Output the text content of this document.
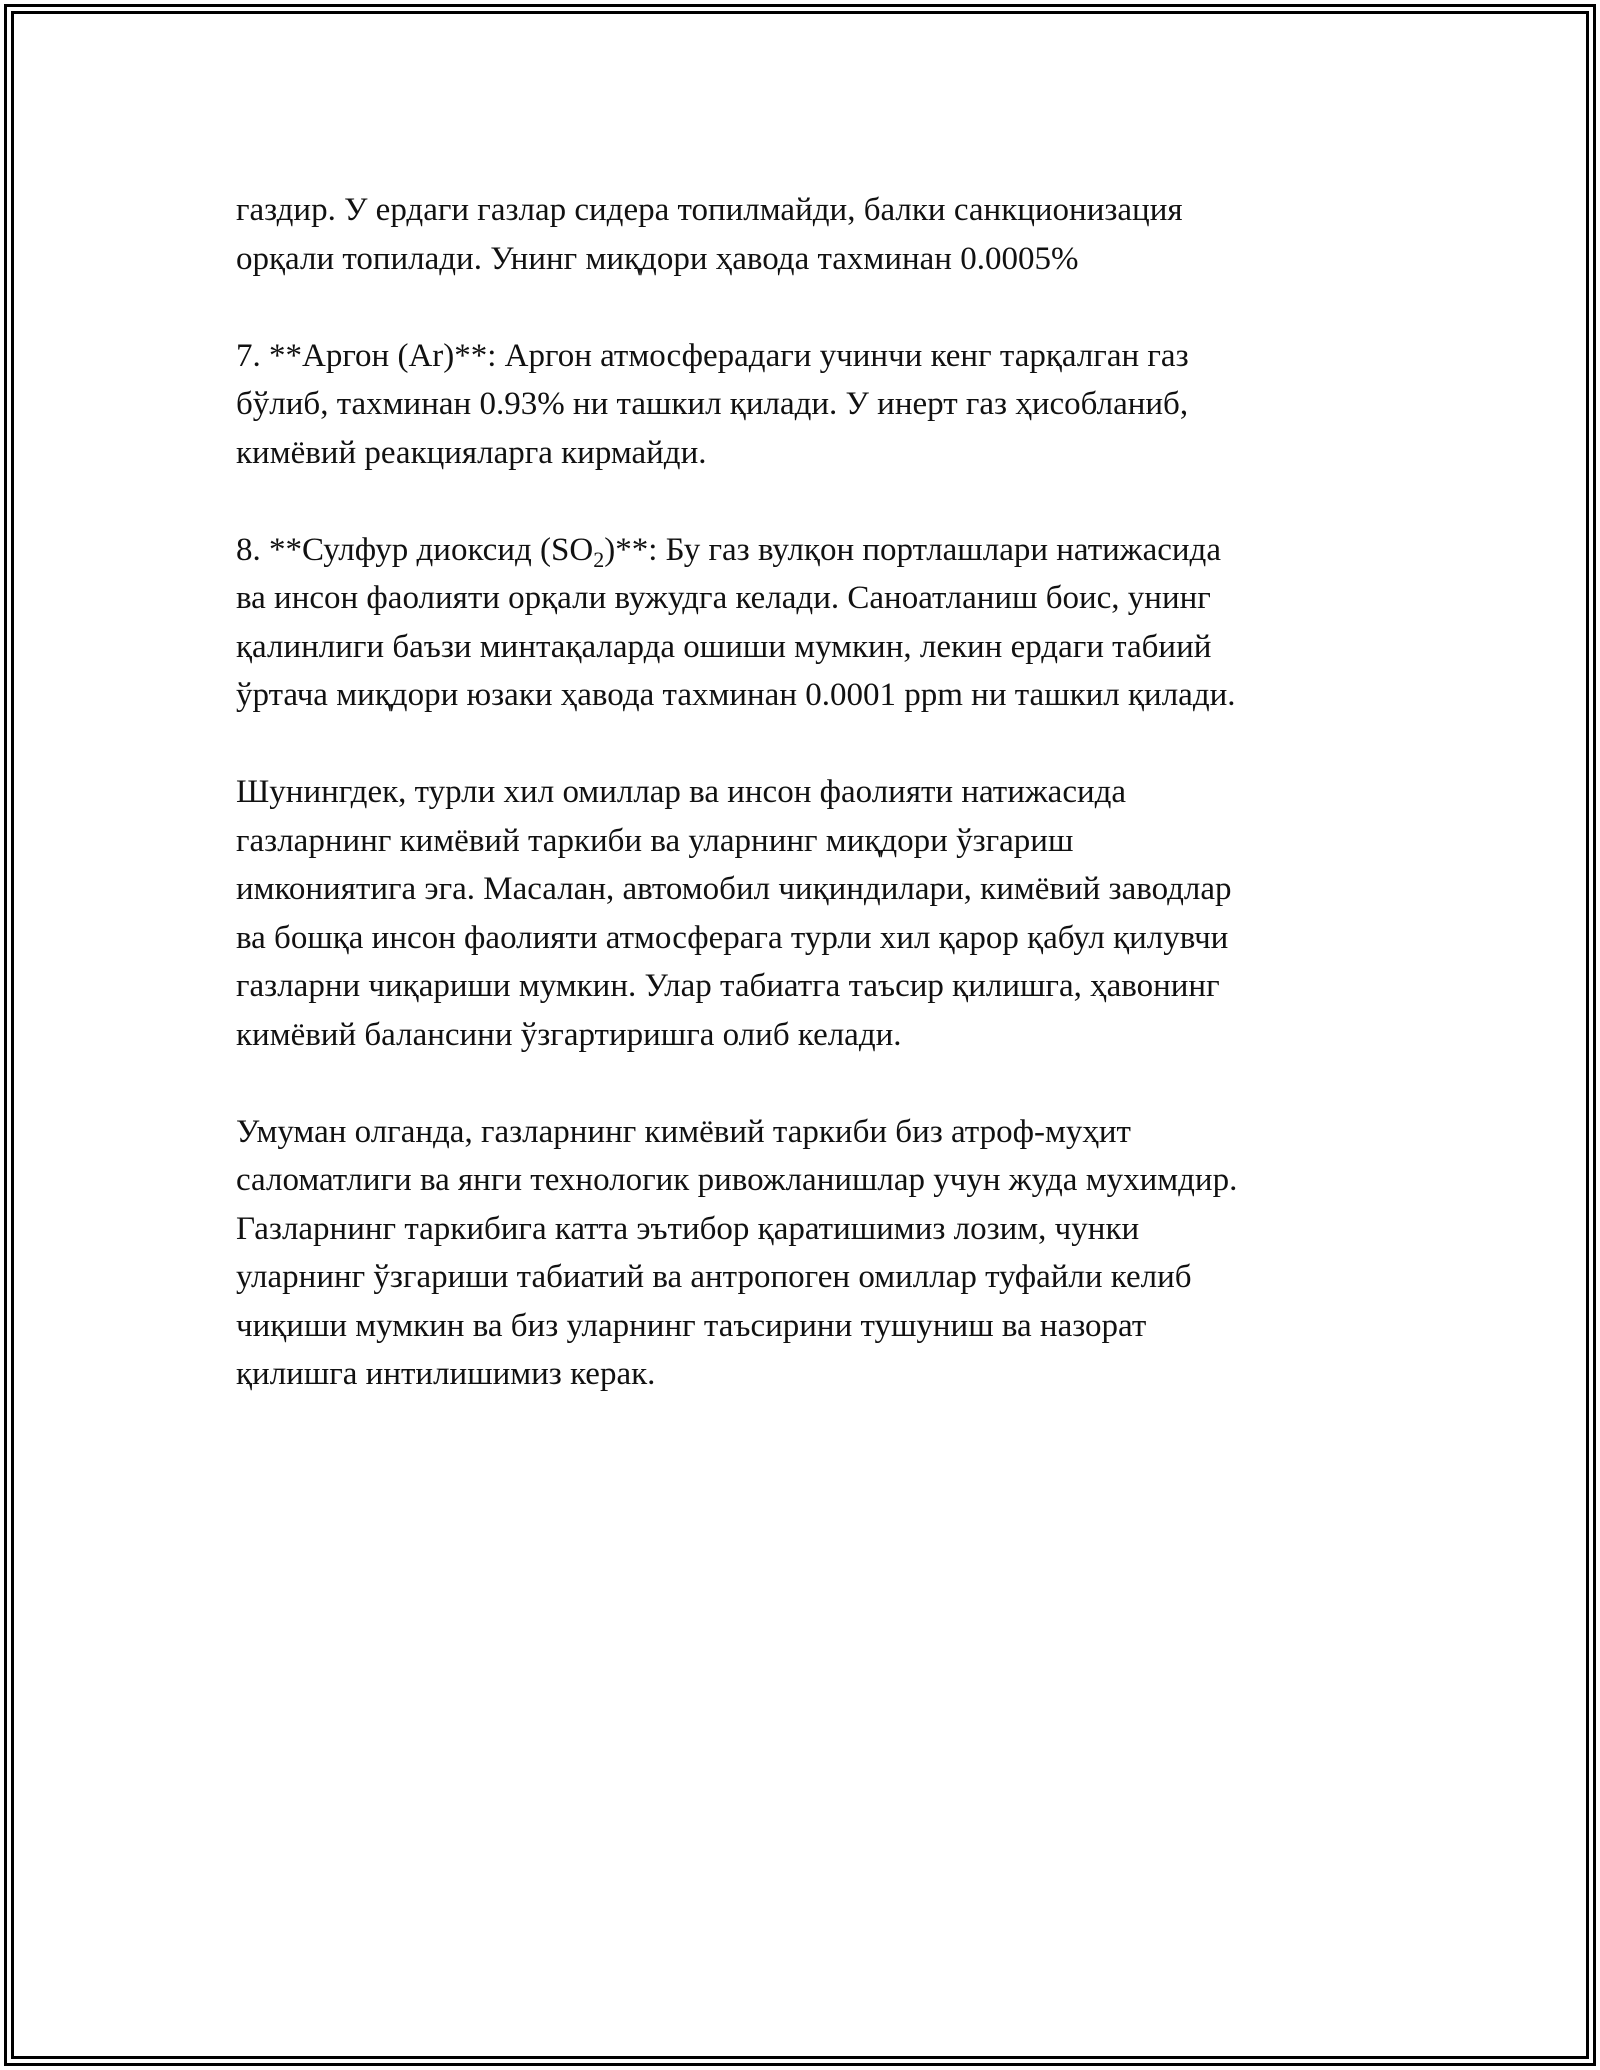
газдир. У ердаги газлар сидера топилмайди, балки санкционизация
орқали топилади. Унинг миқдори ҳавода тахминан 0.0005%

7. **Аргон (Ar)**: Аргон атмосферадаги учинчи кенг тарқалган газ
бўлиб, тахминан 0.93% ни ташкил қилади. У инерт газ ҳисобланиб,
кимёвий реакцияларга кирмайди.

8. **Сулфур диоксид $(SO_2)**$: Бу газ вулқон портлашлари натижасида
ва инсон фаолияти орқали вужудга келади. Саноатланиш боис, унинг
қалинлиги баъзи минтақаларда ошиши мумкин, лекин ердаги табиий
ўртача миқдори юзаки ҳавода тахминан 0.0001 ppm ни ташкил қилади.

Шунингдек, турли хил омиллар ва инсон фаолияти натижасида
газларнинг кимёвий таркиби ва уларнинг миқдори ўзгариш
имкониятига эга. Масалан, автомобил чиқиндилари, кимёвий заводлар
ва бошқа инсон фаолияти атмосферага турли хил қарор қабул қилувчи
газларни чиқариши мумкин. Улар табиатга таъсир қилишга, ҳавонинг
кимёвий балансини ўзгартиришга олиб келади.

Умуман олганда, газларнинг кимёвий таркиби биз атроф-муҳит
саломатлиги ва янги технологик ривожланишлар учун жуда мухимдир.
Газларнинг таркибига катта эътибор қаратишимиз лозим, чунки
уларнинг ўзгариши табиатий ва антропоген омиллар туфайли келиб
чиқиши мумкин ва биз уларнинг таъсирини тушуниш ва назорат
қилишга интилишимиз керак.
